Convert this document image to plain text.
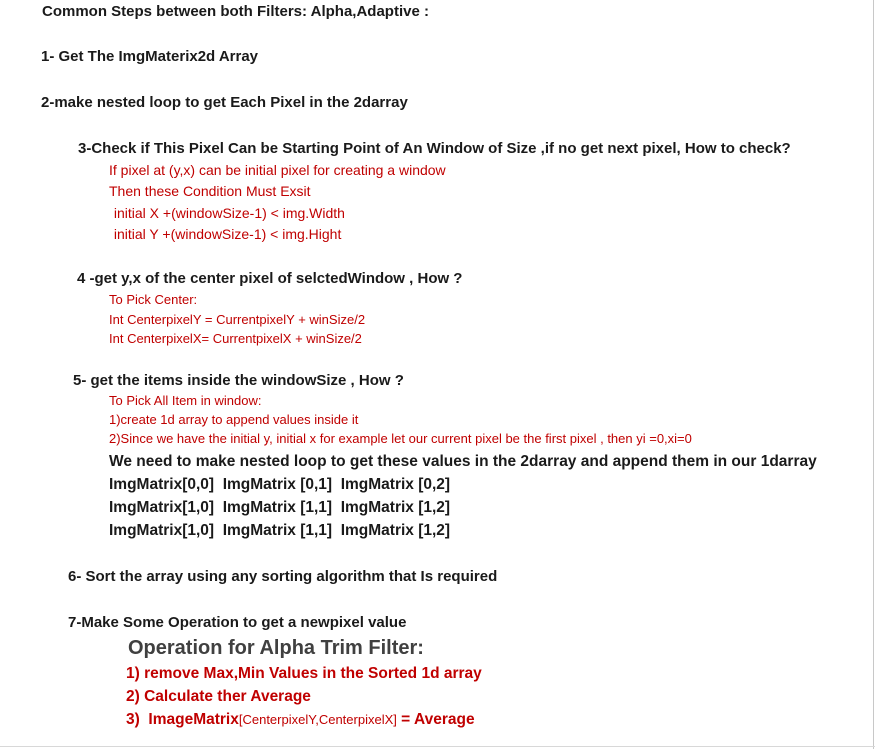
Common Steps between both Filters: Alpha,Adaptive :
1- Get The ImgMaterix2d Array
2-make nested loop to get Each Pixel in the 2darray
3-Check if This Pixel Can be Starting Point of An Window of Size ,if no get next pixel, How to check?
If pixel at (y,x) can be initial pixel for creating a window
Then these Condition Must Exsit
initial X +(windowSize-1) < img.Width
initial Y +(windowSize-1) < img.Hight
4 -get y,x of the center pixel of selctedWindow , How ?
To Pick Center:
Int CenterpixelY = CurrentpixelY + winSize/2
Int CenterpixelX= CurrentpixelX + winSize/2
5- get the items inside the windowSize , How ?
To Pick All Item in window:
1)create 1d array to append values inside it
2)Since we have the initial y, initial x for example let our current pixel be the first pixel , then yi =0,xi=0
We need to make nested loop to get these values in the 2darray and append them in our 1darray
ImgMatrix[0,0]  ImgMatrix [0,1]  ImgMatrix [0,2]
ImgMatrix[1,0]  ImgMatrix [1,1]  ImgMatrix [1,2]
ImgMatrix[1,0]  ImgMatrix [1,1]  ImgMatrix [1,2]
6- Sort the array using any sorting algorithm that Is required
7-Make Some Operation to get a newpixel value
Operation for Alpha Trim Filter:
1) remove Max,Min Values in the Sorted 1d array
2) Calculate ther Average
3)  ImageMatrix[CenterpixelY,CenterpixelX] = Average
